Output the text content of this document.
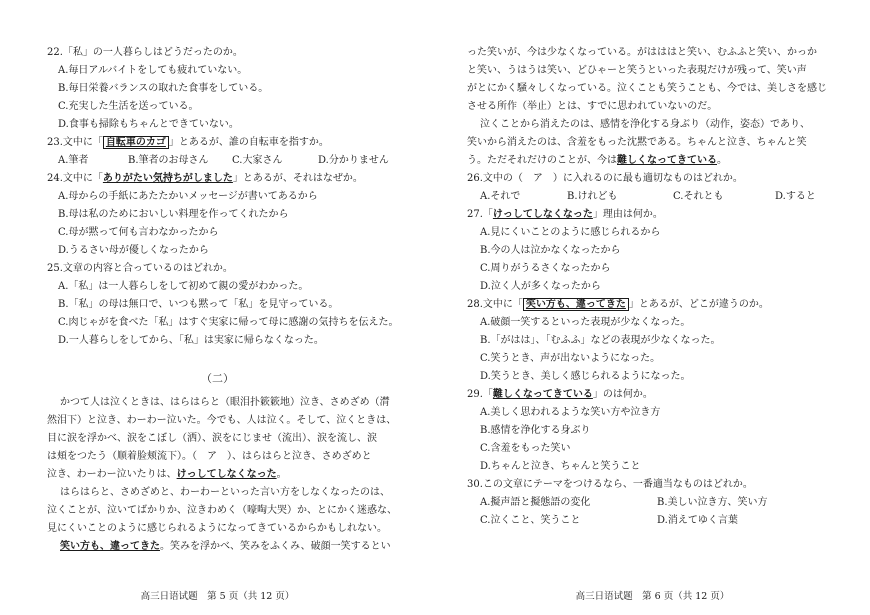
22.「私」の一人暮らしはどうだったのか。
A.毎日アルバイトをしても疲れていない。
B.毎日栄養バランスの取れた食事をしている。
C.充実した生活を送っている。
D.食事も掃除もちゃんとできていない。
23.文中に「 自転車のカゴ 」とあるが、誰の自転車を指すか。
A.筆者	B.筆者のお母さん C.大家さん	D.分かりません
24.文中に「ありがたい気持ちがしました」とあるが、それはなぜか。
A.母からの手紙にあたたかいメッセージが書いてあるから
B.母は私のためにおいしい料理を作ってくれたから
C.母が黙って何も言わなかったから
D.うるさい母が優しくなったから
25.文章の内容と合っているのはどれか。
A.「私」は一人暮らしをして初めて親の愛がわかった。
B.「私」の母は無口で、いつも黙って「私」を見守っている。
C.肉じゃがを食べた「私」はすぐ実家に帰って母に感謝の気持ちを伝えた。
D.一人暮らしをしてから、「私」は実家に帰らなくなった。
（二）
かつて人は泣くときは、はらはらと（眼泪扑簌簌地）泣き、さめざめ（潸
然泪下）と泣き、わーわー泣いた。今でも、人は泣く。そして、泣くときは、
目に涙を浮かべ、涙をこぼし（洒）、涙をにじませ（流出）、涙を流し、涙
は頬をつたう（顺着脸颊流下）。（　ア　）、はらはらと泣き、さめざめと
泣き、わーわー泣いたりは、けっしてしなくなった。
はらはらと、さめざめと、わーわーといった言い方をしなくなったのは、
泣くことが、泣いてばかりか、泣きわめく（嚎啕大哭）か、とにかく迷惑な、
見にくいことのように感じられるようになってきているからかもしれない。
笑い方も、違ってきた。笑みを浮かべ、笑みをふくみ、破顔一笑するとい
高三日语试题　第 5 页（共 12 页）
った笑いが、今は少なくなっている。がはははと笑い、むふふと笑い、かっか
と笑い、うはうは笑い、どひゃーと笑うといった表現だけが残って、笑い声
がとにかく騒々しくなっている。泣くことも笑うことも、今では、美しさを感じ
させる所作（举止）とは、すでに思われていないのだ。
泣くことから消えたのは、感情を浄化する身ぶり（动作，姿态）であり、
笑いから消えたのは、含羞をもった沈黙である。ちゃんと泣き、ちゃんと笑
う。ただそれだけのことが、今は難しくなってきている。
26.文中の（　ア　）に入れるのに最も適切なものはどれか。
A.それで	B.けれども	C.それとも	D.すると
27.「けっしてしなくなった」理由は何か。
A.見にくいことのように感じられるから
B.今の人は泣かなくなったから
C.周りがうるさくなったから
D.泣く人が多くなったから
28.文中に「 笑い方も、違ってきた 」とあるが、どこが違うのか。
A.破顔一笑するといった表現が少なくなった。
B.「がはは」、「むふふ」などの表現が少なくなった。
C.笑うとき、声が出ないようになった。
D.笑うとき、美しく感じられるようになった。
29.「難しくなってきている」のは何か。
A.美しく思われるような笑い方や泣き方
B.感情を浄化する身ぶり
C.含羞をもった笑い
D.ちゃんと泣き、ちゃんと笑うこと
30.この文章にテーマをつけるなら、一番適当なものはどれか。
A.擬声語と擬態語の変化	B.美しい泣き方、笑い方
C.泣くこと、笑うこと	D.消えてゆく言葉
高三日语试题　第 6 页（共 12 页）
